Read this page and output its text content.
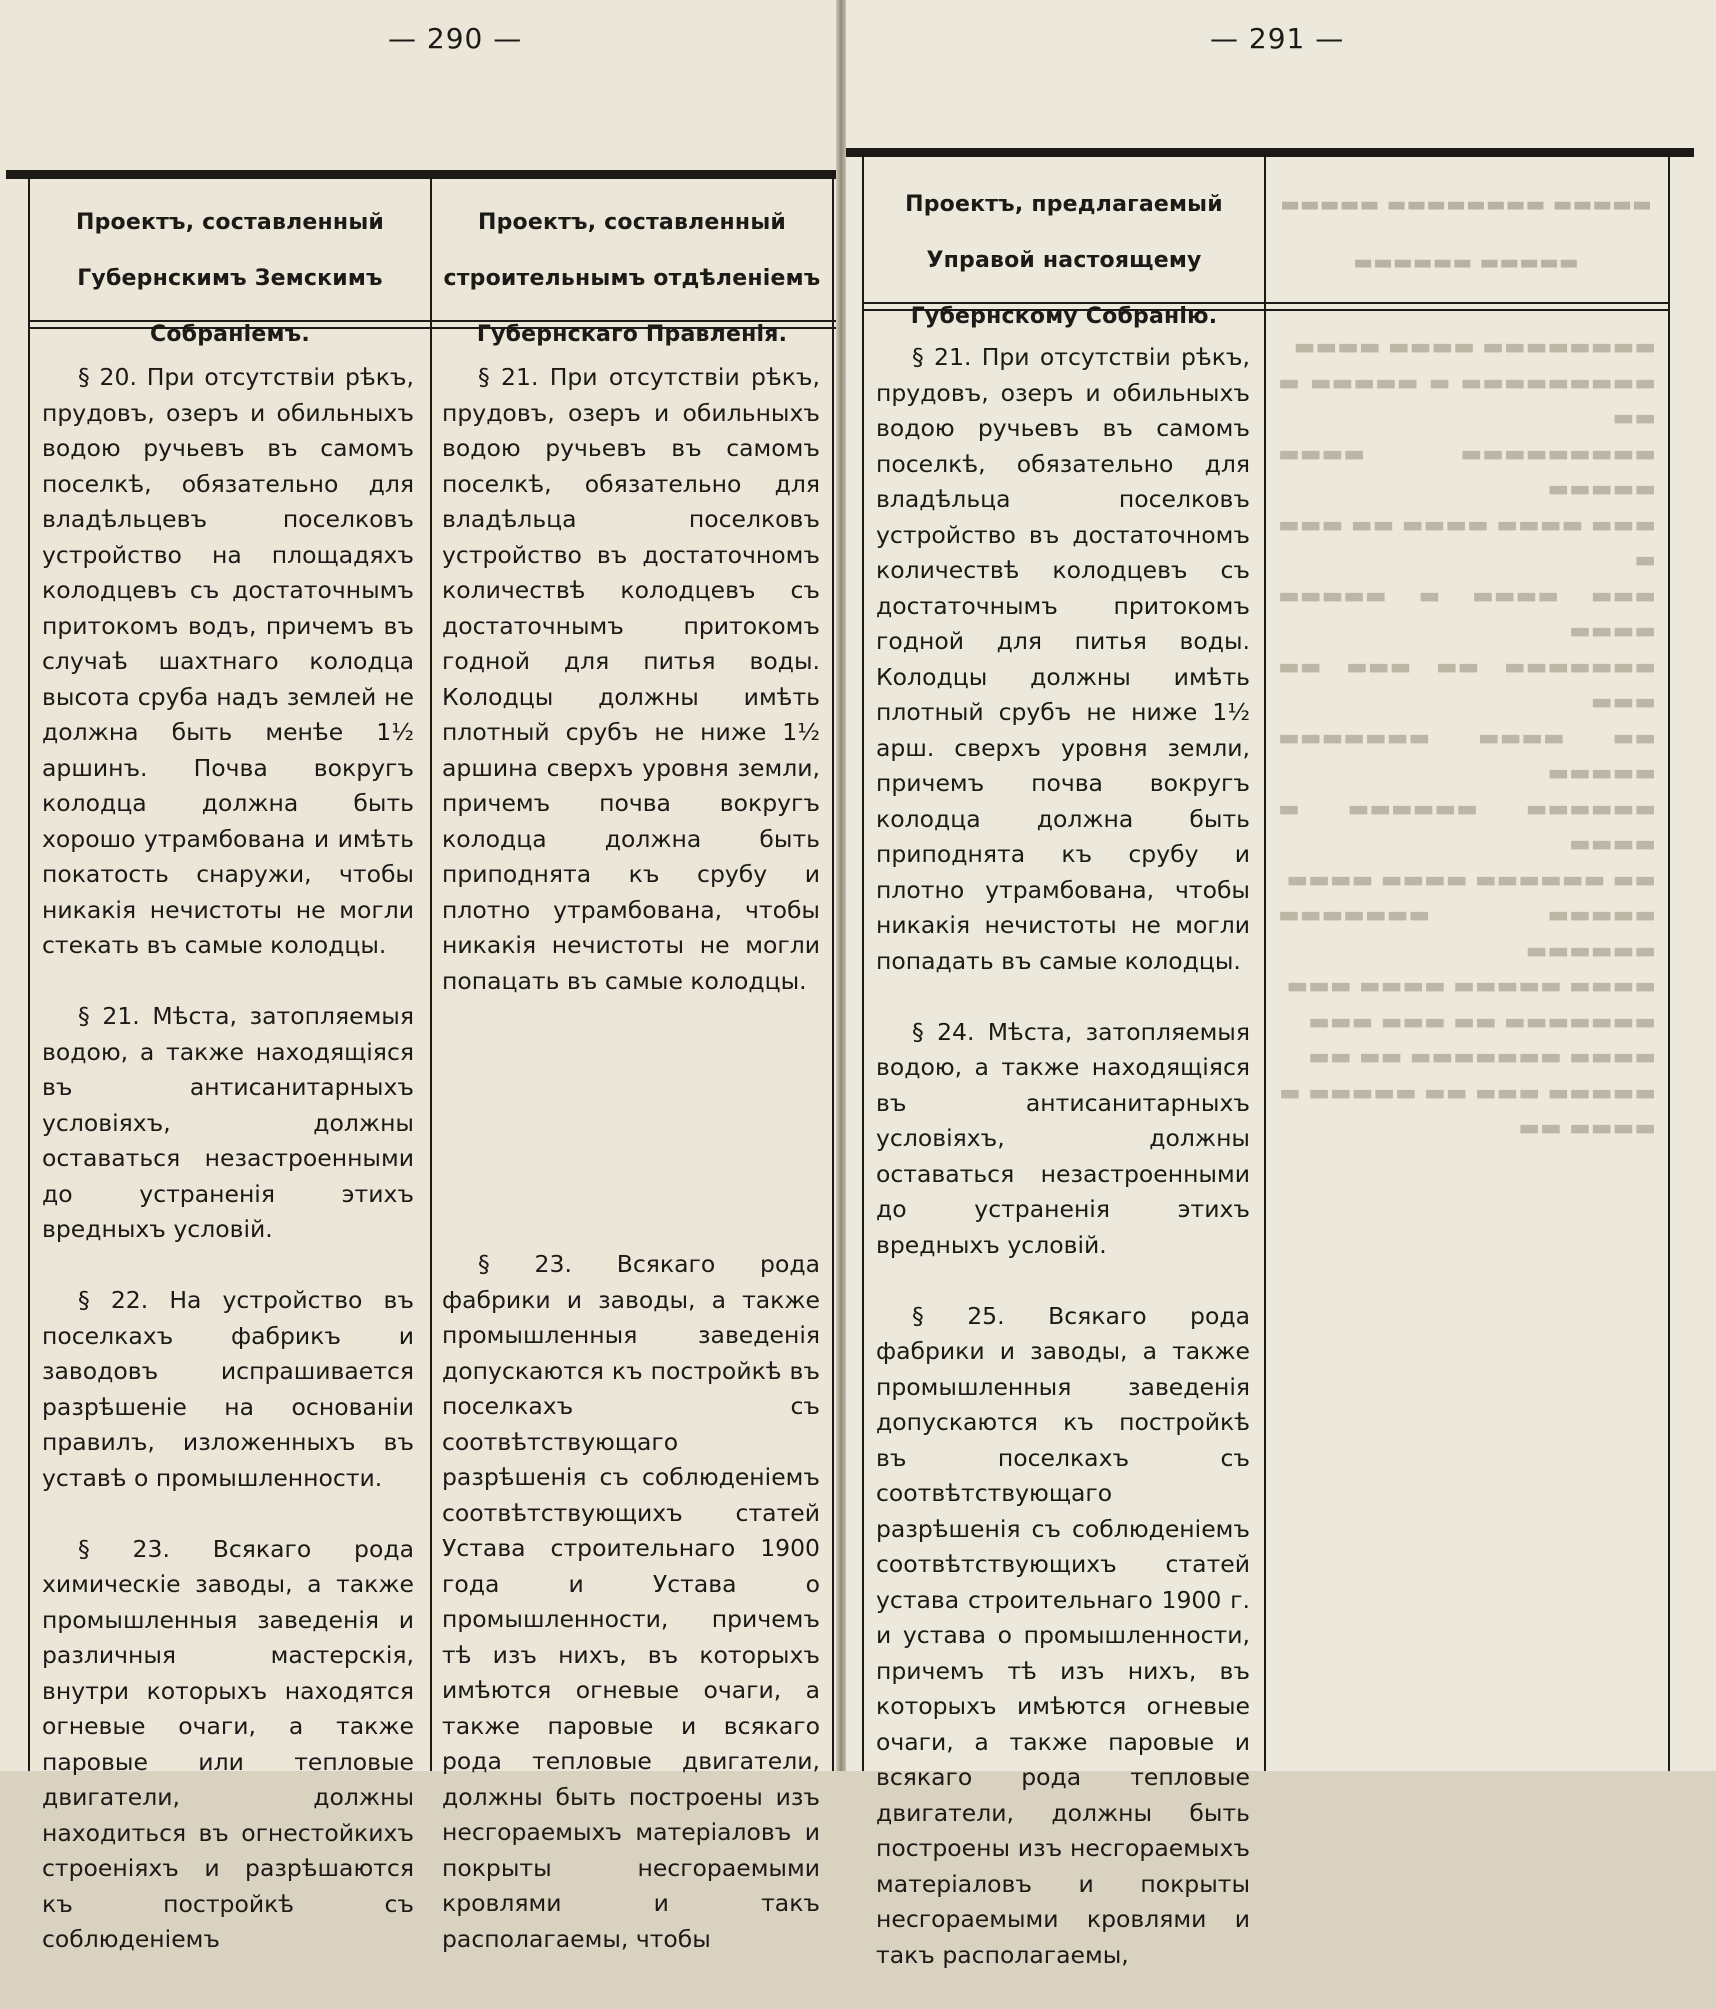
— 290 —
Проектъ, составленный Губернскимъ Земскимъ Собраніемъ.
Проектъ, составленный строительнымъ отдѣленіемъ Губернскаго Правленія.

§ 20. При отсутствіи рѣкъ, прудовъ, озеръ и обильныхъ водою ручьевъ въ самомъ поселкѣ, обязательно для владѣльцевъ поселковъ устройство на площадяхъ колодцевъ съ достаточнымъ притокомъ водъ, причемъ въ случаѣ шахтнаго колодца высота сруба надъ землей не должна быть менѣе 1½ аршинъ. Почва вокругъ колодца должна быть хорошо утрамбована и имѣть покатость снаружи, чтобы никакія нечистоты не могли стекать въ самые колодцы.

§ 21. Мѣста, затопляемыя водою, а также находящіяся въ антисанитарныхъ условіяхъ, должны оставаться незастроенными до устраненія этихъ вредныхъ условій.

§ 22. На устройство въ поселкахъ фабрикъ и заводовъ испрашивается разрѣшеніе на основаніи правилъ, изложенныхъ въ уставѣ о промышленности.

§ 23. Всякаго рода химическіе заводы, а также промышленныя заведенія и различныя мастерскія, внутри которыхъ находятся огневые очаги, а также паровые или тепловые двигатели, должны находиться въ огнестойкихъ строеніяхъ и разрѣшаются къ постройкѣ съ соблюденіемъ

§ 21. При отсутствіи рѣкъ, прудовъ, озеръ и обильныхъ водою ручьевъ въ самомъ поселкѣ, обязательно для владѣльца поселковъ устройство въ достаточномъ количествѣ колодцевъ съ достаточнымъ притокомъ годной для питья воды. Колодцы должны имѣть плотный срубъ не ниже 1½ аршина сверхъ уровня земли, причемъ почва вокругъ колодца должна быть приподнята къ срубу и плотно утрамбована, чтобы никакія нечистоты не могли попацать въ самые колодцы.

§ 23. Всякаго рода фабрики и заводы, а также промышленныя заведенія допускаются къ постройкѣ въ поселкахъ съ соотвѣтствующаго разрѣшенія съ соблюденіемъ соотвѣтствующихъ статей Устава строительнаго 1900 года и Устава о промышленности, причемъ тѣ изъ нихъ, въ которыхъ имѣются огневые очаги, а также паровые и всякаго рода тепловые двигатели, должны быть построены изъ несгораемыхъ матеріаловъ и покрыты несгораемыми кровлями и такъ располагаемы, чтобы

— 291 —
Проектъ, предлагаемый Управой настоящему Губернскому Собранію.

§ 21. При отсутствіи рѣкъ, прудовъ, озеръ и обильныхъ водою ручьевъ въ самомъ поселкѣ, обязательно для владѣльца поселковъ устройство въ достаточномъ количествѣ колодцевъ съ достаточнымъ притокомъ годной для питья воды. Колодцы должны имѣть плотный срубъ не ниже 1½ арш. сверхъ уровня земли, причемъ почва вокругъ колодца должна быть приподнята къ срубу и плотно утрамбована, чтобы никакія нечистоты не могли попадать въ самые колодцы.

§ 24. Мѣста, затопляемыя водою, а также находящіяся въ антисанитарныхъ условіяхъ, должны оставаться незастроенными до устраненія этихъ вредныхъ условій.

§ 25. Всякаго рода фабрики и заводы, а также промышленныя заведенія допускаются къ постройкѣ въ поселкахъ съ соотвѣтствующаго разрѣшенія съ соблюденіемъ соотвѣтствующихъ статей устава строительнаго 1900 г. и устава о промышленности, причемъ тѣ изъ нихъ, въ которыхъ имѣются огневые очаги, а также паровые и всякаго рода тепловые двигатели, должны быть построены изъ несгораемыхъ матеріаловъ и покрыты несгораемыми кровлями и такъ располагаемы,

▬▬▬▬▬ ▬▬▬▬▬▬▬▬ ▬▬▬▬▬
▬▬▬▬▬ ▬▬▬▬▬▬
▬▬▬▬▬▬▬▬ ▬▬▬▬ ▬▬▬▬
▬▬▬▬▬▬▬▬▬ ▬ ▬▬▬▬▬ ▬ ▬▬
▬▬▬▬▬▬▬▬▬ ▬▬▬▬ ▬▬▬▬▬
▬▬▬ ▬▬▬▬ ▬▬▬▬ ▬▬ ▬▬▬ ▬
▬▬▬ ▬▬▬▬ ▬ ▬▬▬▬▬ ▬▬▬▬
▬▬▬▬▬▬▬ ▬▬ ▬▬▬ ▬▬ ▬▬▬
▬▬ ▬▬▬▬ ▬▬▬▬▬▬▬ ▬▬▬▬▬
▬▬▬▬▬▬ ▬▬▬▬▬▬ ▬ ▬▬▬▬
▬▬ ▬▬▬▬▬▬ ▬▬▬▬ ▬▬▬▬
▬▬▬▬▬ ▬▬▬▬▬▬▬ ▬▬▬▬▬▬
▬▬▬▬ ▬▬▬▬▬ ▬▬▬▬ ▬▬▬
▬▬▬▬▬▬▬ ▬▬ ▬▬▬ ▬▬▬
▬▬▬▬ ▬▬▬▬▬▬▬ ▬▬ ▬▬
▬▬▬▬▬ ▬▬▬ ▬▬ ▬▬▬▬▬ ▬
▬▬▬▬ ▬▬
